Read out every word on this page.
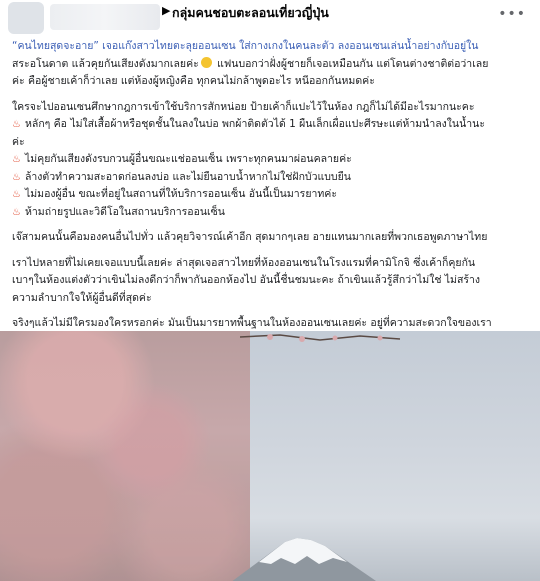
▶ กลุ่มคนชอบตะลอนเที่ยวญี่ปุ่น	•••

“คนไทยสุดจะอาย” เจอแก๊งสาวไทยตะลุยออนเซน ใส่กางเกงในคนละตัว ลงออนเซนเล่นน้ำอย่างกับอยู่ใน
สระอโนดาต แล้วคุยกันเสียงดังมากเลยค่ะ แฟนบอกว่าฝั่งผู้ชายก็เจอเหมือนกัน แต่โดนต่างชาติต่อว่าเลย
ค่ะ คือผู้ชายเค้าก็ว่าเลย แต่ห้องผู้หญิงคือ ทุกคนไม่กล้าพูดอะไร หนีออกกันหมดค่ะ

ใครจะไปออนเซนศึกษากฎการเข้าใช้บริการสักหน่อย ป้ายเค้าก็แปะไว้ในห้อง กฎก็ไม่ได้มีอะไรมากนะคะ
♨ หลักๆ คือ ไม่ใส่เสื้อผ้าหรือชุดชั้นในลงในบ่อ พกผ้าติดตัวได้ 1 ผืนเล็กเผื่อแปะศีรษะแต่ห้ามนำลงในน้ำนะ
ค่ะ
♨ ไม่คุยกันเสียงดังรบกวนผู้อื่นขณะแช่ออนเซ็น เพราะทุกคนมาผ่อนคลายค่ะ
♨ ล้างตัวทำความสะอาดก่อนลงบ่อ และไม่ยืนอาบน้ำหากไม่ใช่ฝักบัวแบบยืน
♨ ไม่มองผู้อื่น ขณะที่อยู่ในสถานที่ให้บริการออนเซ็น อันนี้เป็นมารยาทค่ะ
♨ ห้ามถ่ายรูปและวิดีโอในสถานบริการออนเซ็น

เจ๊สามคนนั้นคือมองคนอื่นไปทั่ว แล้วคุยวิจารณ์เค้าอีก สุดมากๆเลย อายแทนมากเลยที่พวกเธอพูดภาษาไทย

เราไปหลายที่ไม่เคยเจอแบบนี้เลยค่ะ ล่าสุดเจอสาวไทยที่ห้องออนเซนในโรงแรมที่คามิโกจิ ซึ่งเค้าก็คุยกัน
เบาๆในห้องแต่งตัวว่าเขินไม่ลงดีกว่าก็พากันออกห้องไป อันนี้ชื่นชมนะคะ ถ้าเขินแล้วรู้สึกว่าไม่ใช่ ไม่สร้าง
ความลำบากใจให้ผู้อื่นดีที่สุดค่ะ

จริงๆแล้วไม่มีใครมองใครหรอกค่ะ มันเป็นมารยาทพื้นฐานในห้องออนเซนเลยค่ะ อยู่ที่ความสะดวกใจของเรา
